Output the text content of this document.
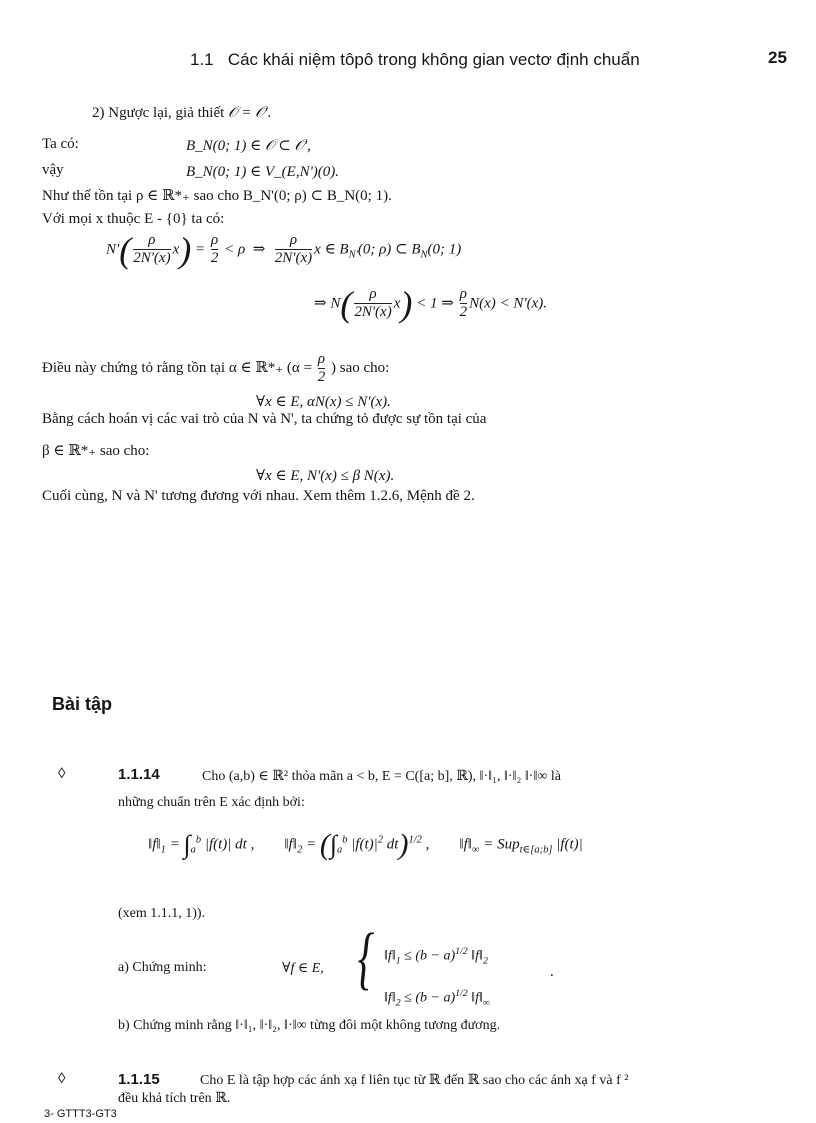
1.1 Các khái niệm tôpô trong không gian vectơ định chuẩn	25
2) Ngược lại, giả thiết 𝒪 = 𝒪'.
Ta có:	B_N(0; 1) ∈ 𝒪 ⊂ 𝒪',
vậy	B_N(0; 1) ∈ V_(E,N')(0).
Như thế tồn tại ρ ∈ ℝ*₊ sao cho B_N'(0; ρ) ⊂ B_N(0; 1).
Với mọi x thuộc E - {0} ta có:
$N'( \frac{\rho}{2N'(x)} x) = \frac{\rho}{2} < \rho$  ⇒ $\frac{\rho}{2N'(x)}$ x ∈ $B_{N'}(0$; ρ) ⊂ $B_N(0$; 1)
⇒ $N( \frac{\rho}{2N'(x)} x) < 1$ ⇒ $\frac{\rho}{2} N(x) < N'(x)$.
Điều này chứng tỏ rằng tồn tại α ∈ ℝ*₊ ($\alpha = \frac{\rho}{2}$ ) sao cho:
∀x ∈ E, αN(x) ≤ N'(x).
Bằng cách hoán vị các vai trò của N và N', ta chứng tỏ được sự tồn tại của
β ∈ ℝ*₊ sao cho:
∀x ∈ E, N'(x) ≤ β N(x).
Cuối cùng, N và N' tương đương với nhau. Xem thêm 1.2.6, Mệnh đề 2.
Bài tập
◊	1.1.14	Cho (a,b) ∈ ℝ² thỏa mãn a < b, E = C([a; b], ℝ), ‖·‖₁, ‖·‖₂ ‖·‖∞ là
những chuẩn trên E xác định bởi:
$‖f‖_1 = \int_a^b$ |f(t)| dt ,        $‖f‖_2 = (\int_a^b$ $|f(t)|^2$ dt)$^{1/2}$ ,        $‖f‖_\infty = Sup_{t\in[a;b]}$ |f(t)|
(xem 1.1.1, 1)).
a) Chứng minh:	∀f ∈ E, { $‖f‖_1 \le (b - a)^{1/2}$ $‖f‖_2$
$‖f‖_2 \le (b - a)^{1/2}$ $‖f‖_\infty$
.
b) Chứng minh rằng ‖·‖₁, ‖·‖₂, ‖·‖∞ từng đôi một không tương đương.
◊	1.1.15	Cho E là tập hợp các ánh xạ f liên tục từ ℝ đến ℝ sao cho các ánh xạ f và f ²
đều khả tích trên ℝ.
3- GTTT3-GT3
